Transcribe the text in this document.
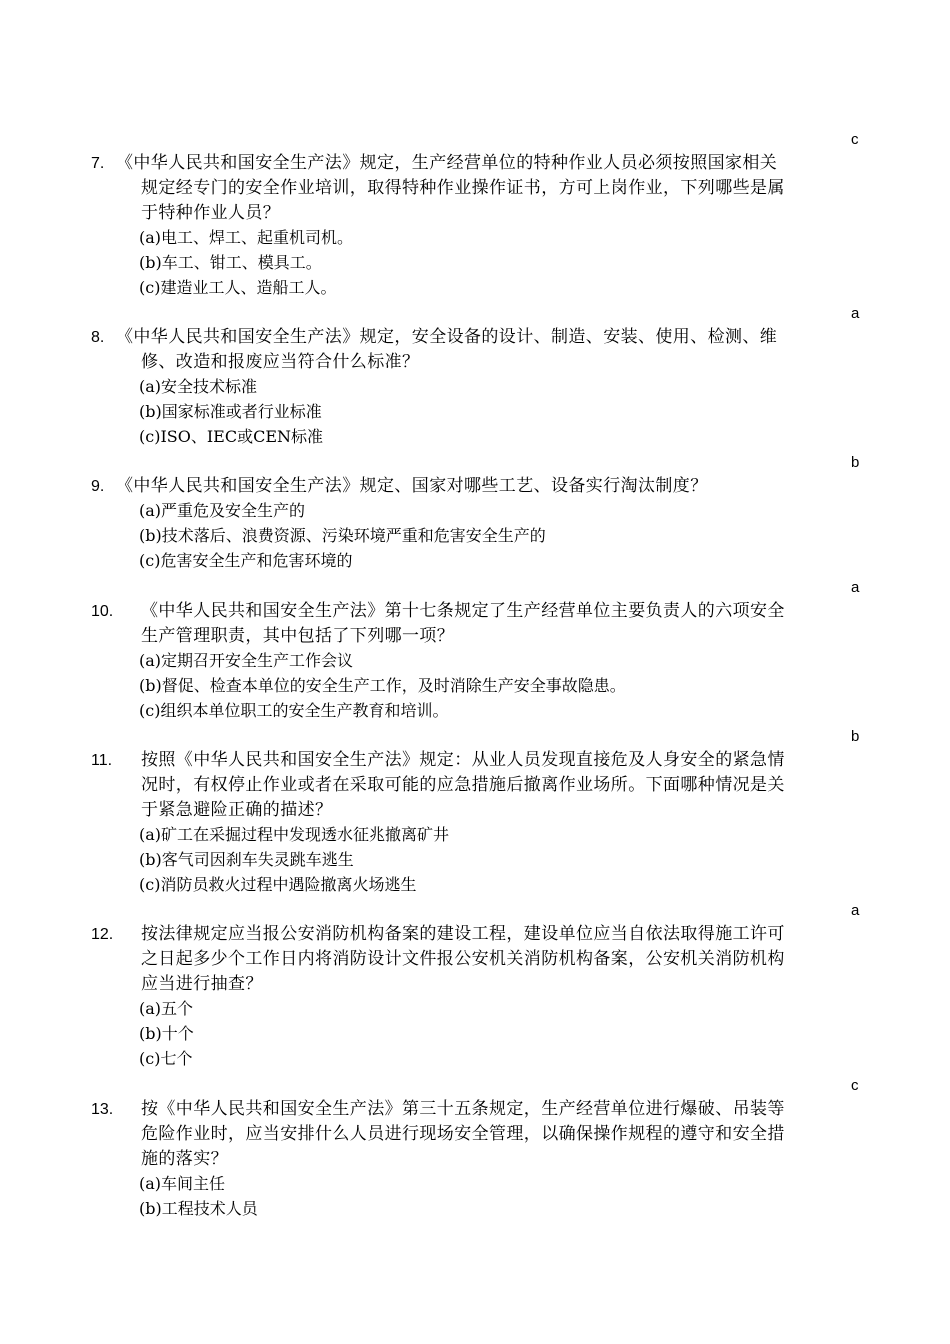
c
7. 《中华人民共和国安全生产法》规定，生产经营单位的特种作业人员必须按照国家相关
规定经专门的安全作业培训，取得特种作业操作证书，方可上岗作业，下列哪些是属
于特种作业人员？
(a)电工、焊工、起重机司机。
(b)车工、钳工、模具工。
(c)建造业工人、造船工人。
a
8. 《中华人民共和国安全生产法》规定，安全设备的设计、制造、安装、使用、检测、维
修、改造和报废应当符合什么标准？
(a)安全技术标准
(b)国家标准或者行业标准
(c)ISO、IEC或CEN标准
b
9. 《中华人民共和国安全生产法》规定、国家对哪些工艺、设备实行淘汰制度？
(a)严重危及安全生产的
(b)技术落后、浪费资源、污染环境严重和危害安全生产的
(c)危害安全生产和危害环境的
a
10. 《中华人民共和国安全生产法》第十七条规定了生产经营单位主要负责人的六项安全
生产管理职责，其中包括了下列哪一项？
(a)定期召开安全生产工作会议
(b)督促、检查本单位的安全生产工作，及时消除生产安全事故隐患。
(c)组织本单位职工的安全生产教育和培训。
b
11. 按照《中华人民共和国安全生产法》规定：从业人员发现直接危及人身安全的紧急情
况时，有权停止作业或者在采取可能的应急措施后撤离作业场所。下面哪种情况是关
于紧急避险正确的描述？
(a)矿工在采掘过程中发现透水征兆撤离矿井
(b)客气司因刹车失灵跳车逃生
(c)消防员救火过程中遇险撤离火场逃生
a
12. 按法律规定应当报公安消防机构备案的建设工程，建设单位应当自依法取得施工许可
之日起多少个工作日内将消防设计文件报公安机关消防机构备案，公安机关消防机构
应当进行抽查？
(a)五个
(b)十个
(c)七个
c
13. 按《中华人民共和国安全生产法》第三十五条规定，生产经营单位进行爆破、吊装等
危险作业时，应当安排什么人员进行现场安全管理，以确保操作规程的遵守和安全措
施的落实？
(a)车间主任
(b)工程技术人员
